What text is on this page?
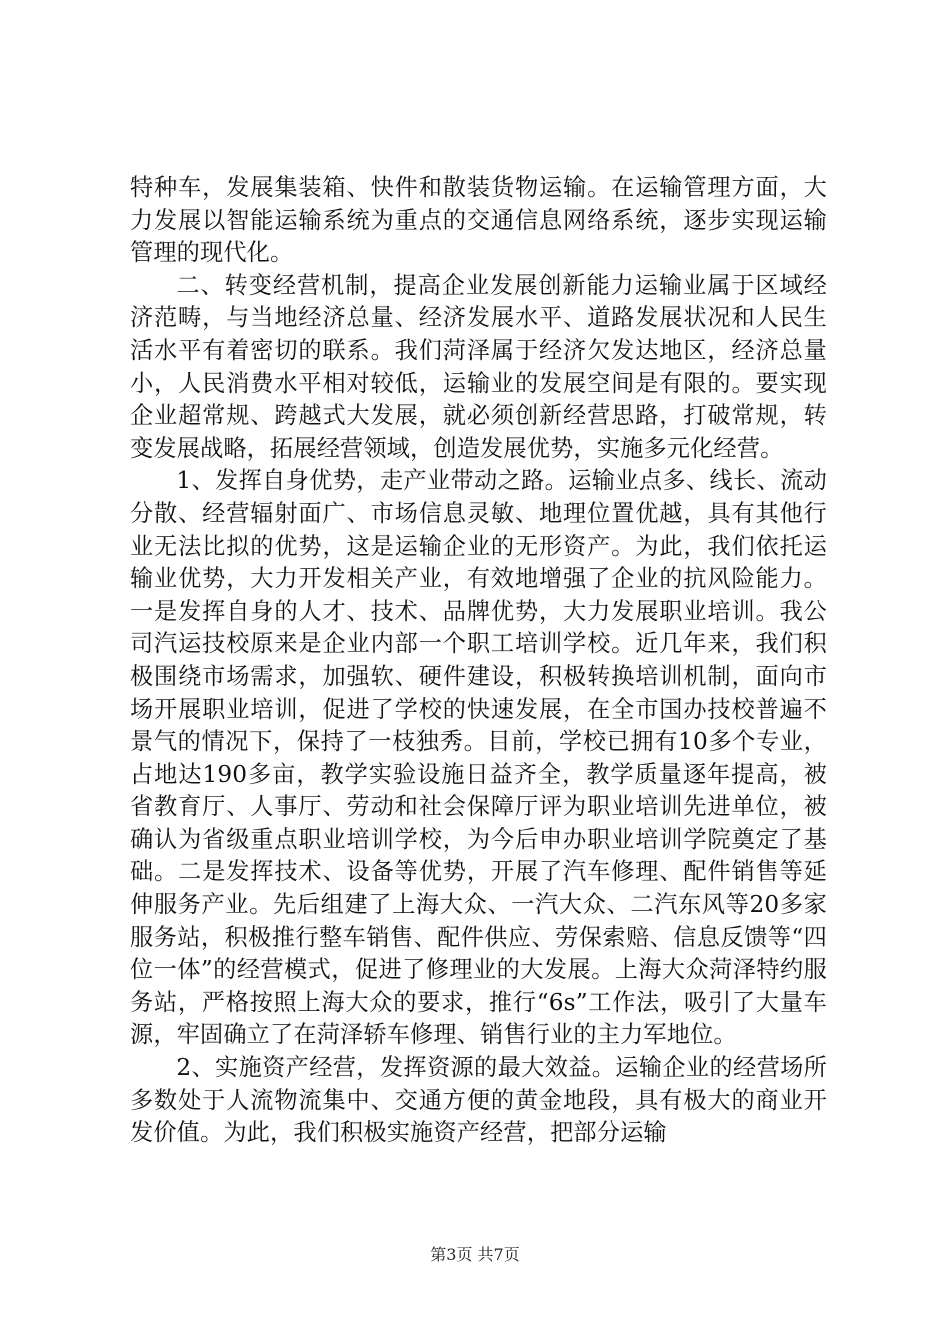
特种车，发展集装箱、快件和散装货物运输。在运输管理方面，大力发展以智能运输系统为重点的交通信息网络系统，逐步实现运输管理的现代化。

二、转变经营机制，提高企业发展创新能力运输业属于区域经济范畴，与当地经济总量、经济发展水平、道路发展状况和人民生活水平有着密切的联系。我们菏泽属于经济欠发达地区，经济总量小，人民消费水平相对较低，运输业的发展空间是有限的。要实现企业超常规、跨越式大发展，就必须创新经营思路，打破常规，转变发展战略，拓展经营领域，创造发展优势，实施多元化经营。

1、发挥自身优势，走产业带动之路。运输业点多、线长、流动分散、经营辐射面广、市场信息灵敏、地理位置优越，具有其他行业无法比拟的优势，这是运输企业的无形资产。为此，我们依托运输业优势，大力开发相关产业，有效地增强了企业的抗风险能力。一是发挥自身的人才、技术、品牌优势，大力发展职业培训。我公司汽运技校原来是企业内部一个职工培训学校。近几年来，我们积极围绕市场需求，加强软、硬件建设，积极转换培训机制，面向市场开展职业培训，促进了学校的快速发展，在全市国办技校普遍不景气的情况下，保持了一枝独秀。目前，学校已拥有10多个专业，占地达190多亩，教学实验设施日益齐全，教学质量逐年提高，被省教育厅、人事厅、劳动和社会保障厅评为职业培训先进单位，被确认为省级重点职业培训学校，为今后申办职业培训学院奠定了基础。二是发挥技术、设备等优势，开展了汽车修理、配件销售等延伸服务产业。先后组建了上海大众、一汽大众、二汽东风等20多家服务站，积极推行整车销售、配件供应、劳保索赔、信息反馈等“四位一体”的经营模式，促进了修理业的大发展。上海大众菏泽特约服务站，严格按照上海大众的要求，推行“6s”工作法，吸引了大量车源，牢固确立了在菏泽轿车修理、销售行业的主力军地位。

2、实施资产经营，发挥资源的最大效益。运输企业的经营场所多数处于人流物流集中、交通方便的黄金地段，具有极大的商业开发价值。为此，我们积极实施资产经营，把部分运输

第3页 共7页
